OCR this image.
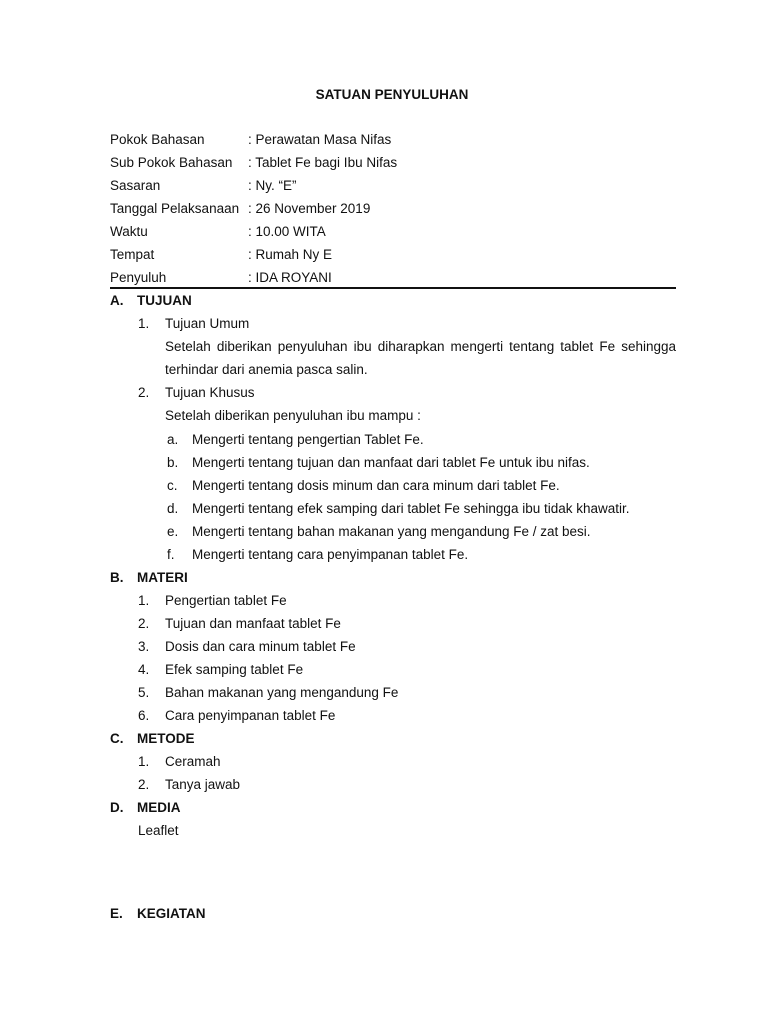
SATUAN PENYULUHAN
Pokok Bahasan	: Perawatan Masa Nifas
Sub Pokok Bahasan	: Tablet Fe bagi Ibu Nifas
Sasaran	: Ny. “E”
Tanggal Pelaksanaan : 26 November 2019
Waktu	: 10.00 WITA
Tempat	: Rumah Ny E
Penyuluh	: IDA ROYANI
A.	TUJUAN
1.	Tujuan Umum
Setelah diberikan penyuluhan ibu diharapkan mengerti tentang tablet Fe sehingga terhindar dari anemia pasca salin.
2.	Tujuan Khusus
Setelah diberikan penyuluhan ibu mampu :
a.	Mengerti tentang pengertian Tablet Fe.
b.	Mengerti tentang tujuan dan manfaat dari tablet Fe untuk ibu nifas.
c.	Mengerti tentang dosis minum dan cara minum dari tablet Fe.
d.	Mengerti tentang efek samping dari tablet Fe sehingga ibu tidak khawatir.
e.	Mengerti tentang bahan makanan yang mengandung Fe / zat besi.
f.	Mengerti tentang cara penyimpanan tablet Fe.
B.	MATERI
1.	Pengertian tablet Fe
2.	Tujuan dan manfaat tablet Fe
3.	Dosis dan cara minum tablet Fe
4.	Efek samping tablet Fe
5.	Bahan makanan yang mengandung Fe
6.	Cara penyimpanan tablet Fe
C.	METODE
1.	Ceramah
2.	Tanya jawab
D.	MEDIA
Leaflet
E.	KEGIATAN
